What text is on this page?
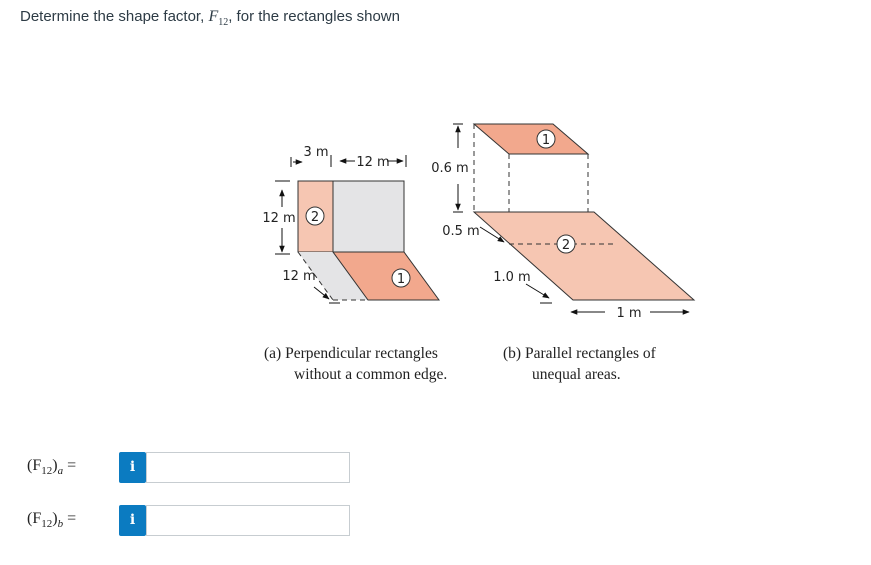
Determine the shape factor, $F_{12}$, for the rectangles shown
2
1
3 m
12 m
12 m
12 m
(a) Perpendicular rectangles
without a common edge.
1
2
0.6 m
0.5 m
1.0 m
1 m
(b) Parallel rectangles of
unequal areas.
$(F_{12})_a$ =	i
$(F_{12})_b$ =	i
